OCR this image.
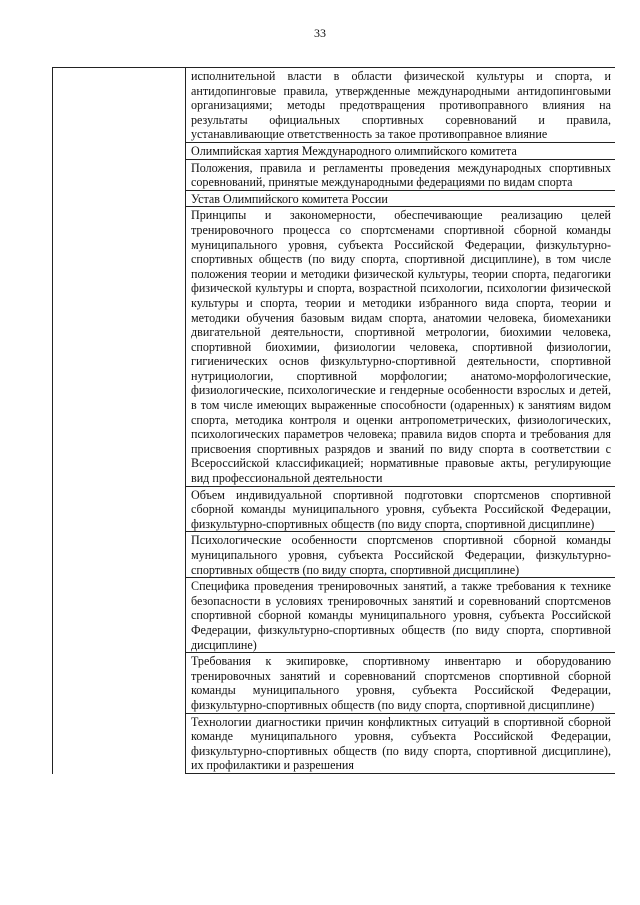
33
исполнительной власти в области физической культуры и спорта, и антидопинговые правила, утвержденные международными антидопинговыми организациями; методы предотвращения противоправного влияния на результаты официальных спортивных соревнований и правила, устанавливающие ответственность за такое противоправное влияние
Олимпийская хартия Международного олимпийского комитета
Положения, правила и регламенты проведения международных спортивных соревнований, принятые международными федерациями по видам спорта
Устав Олимпийского комитета России
Принципы и закономерности, обеспечивающие реализацию целей тренировочного процесса со спортсменами спортивной сборной команды муниципального уровня, субъекта Российской Федерации, физкультурно-спортивных обществ (по виду спорта, спортивной дисциплине), в том числе положения теории и методики физической культуры, теории спорта, педагогики физической культуры и спорта, возрастной психологии, психологии физической культуры и спорта, теории и методики избранного вида спорта, теории и методики обучения базовым видам спорта, анатомии человека, биомеханики двигательной деятельности, спортивной метрологии, биохимии человека, спортивной биохимии, физиологии человека, спортивной физиологии, гигиенических основ физкультурно-спортивной деятельности, спортивной нутрициологии, спортивной морфологии; анатомо-морфологические, физиологические, психологические и гендерные особенности взрослых и детей, в том числе имеющих выраженные способности (одаренных) к занятиям видом спорта, методика контроля и оценки антропометрических, физиологических, психологических параметров человека; правила видов спорта и требования для присвоения спортивных разрядов и званий по виду спорта в соответствии с Всероссийской классификацией; нормативные правовые акты, регулирующие вид профессиональной деятельности
Объем индивидуальной спортивной подготовки спортсменов спортивной сборной команды муниципального уровня, субъекта Российской Федерации, физкультурно-спортивных обществ (по виду спорта, спортивной дисциплине)
Психологические особенности спортсменов спортивной сборной команды муниципального уровня, субъекта Российской Федерации, физкультурно-спортивных обществ (по виду спорта, спортивной дисциплине)
Специфика проведения тренировочных занятий, а также требования к технике безопасности в условиях тренировочных занятий и соревнований спортсменов спортивной сборной команды муниципального уровня, субъекта Российской Федерации, физкультурно-спортивных обществ (по виду спорта, спортивной дисциплине)
Требования к экипировке, спортивному инвентарю и оборудованию тренировочных занятий и соревнований спортсменов спортивной сборной команды муниципального уровня, субъекта Российской Федерации, физкультурно-спортивных обществ (по виду спорта, спортивной дисциплине)
Технологии диагностики причин конфликтных ситуаций в спортивной сборной команде муниципального уровня, субъекта Российской Федерации, физкультурно-спортивных обществ (по виду спорта, спортивной дисциплине), их профилактики и разрешения
